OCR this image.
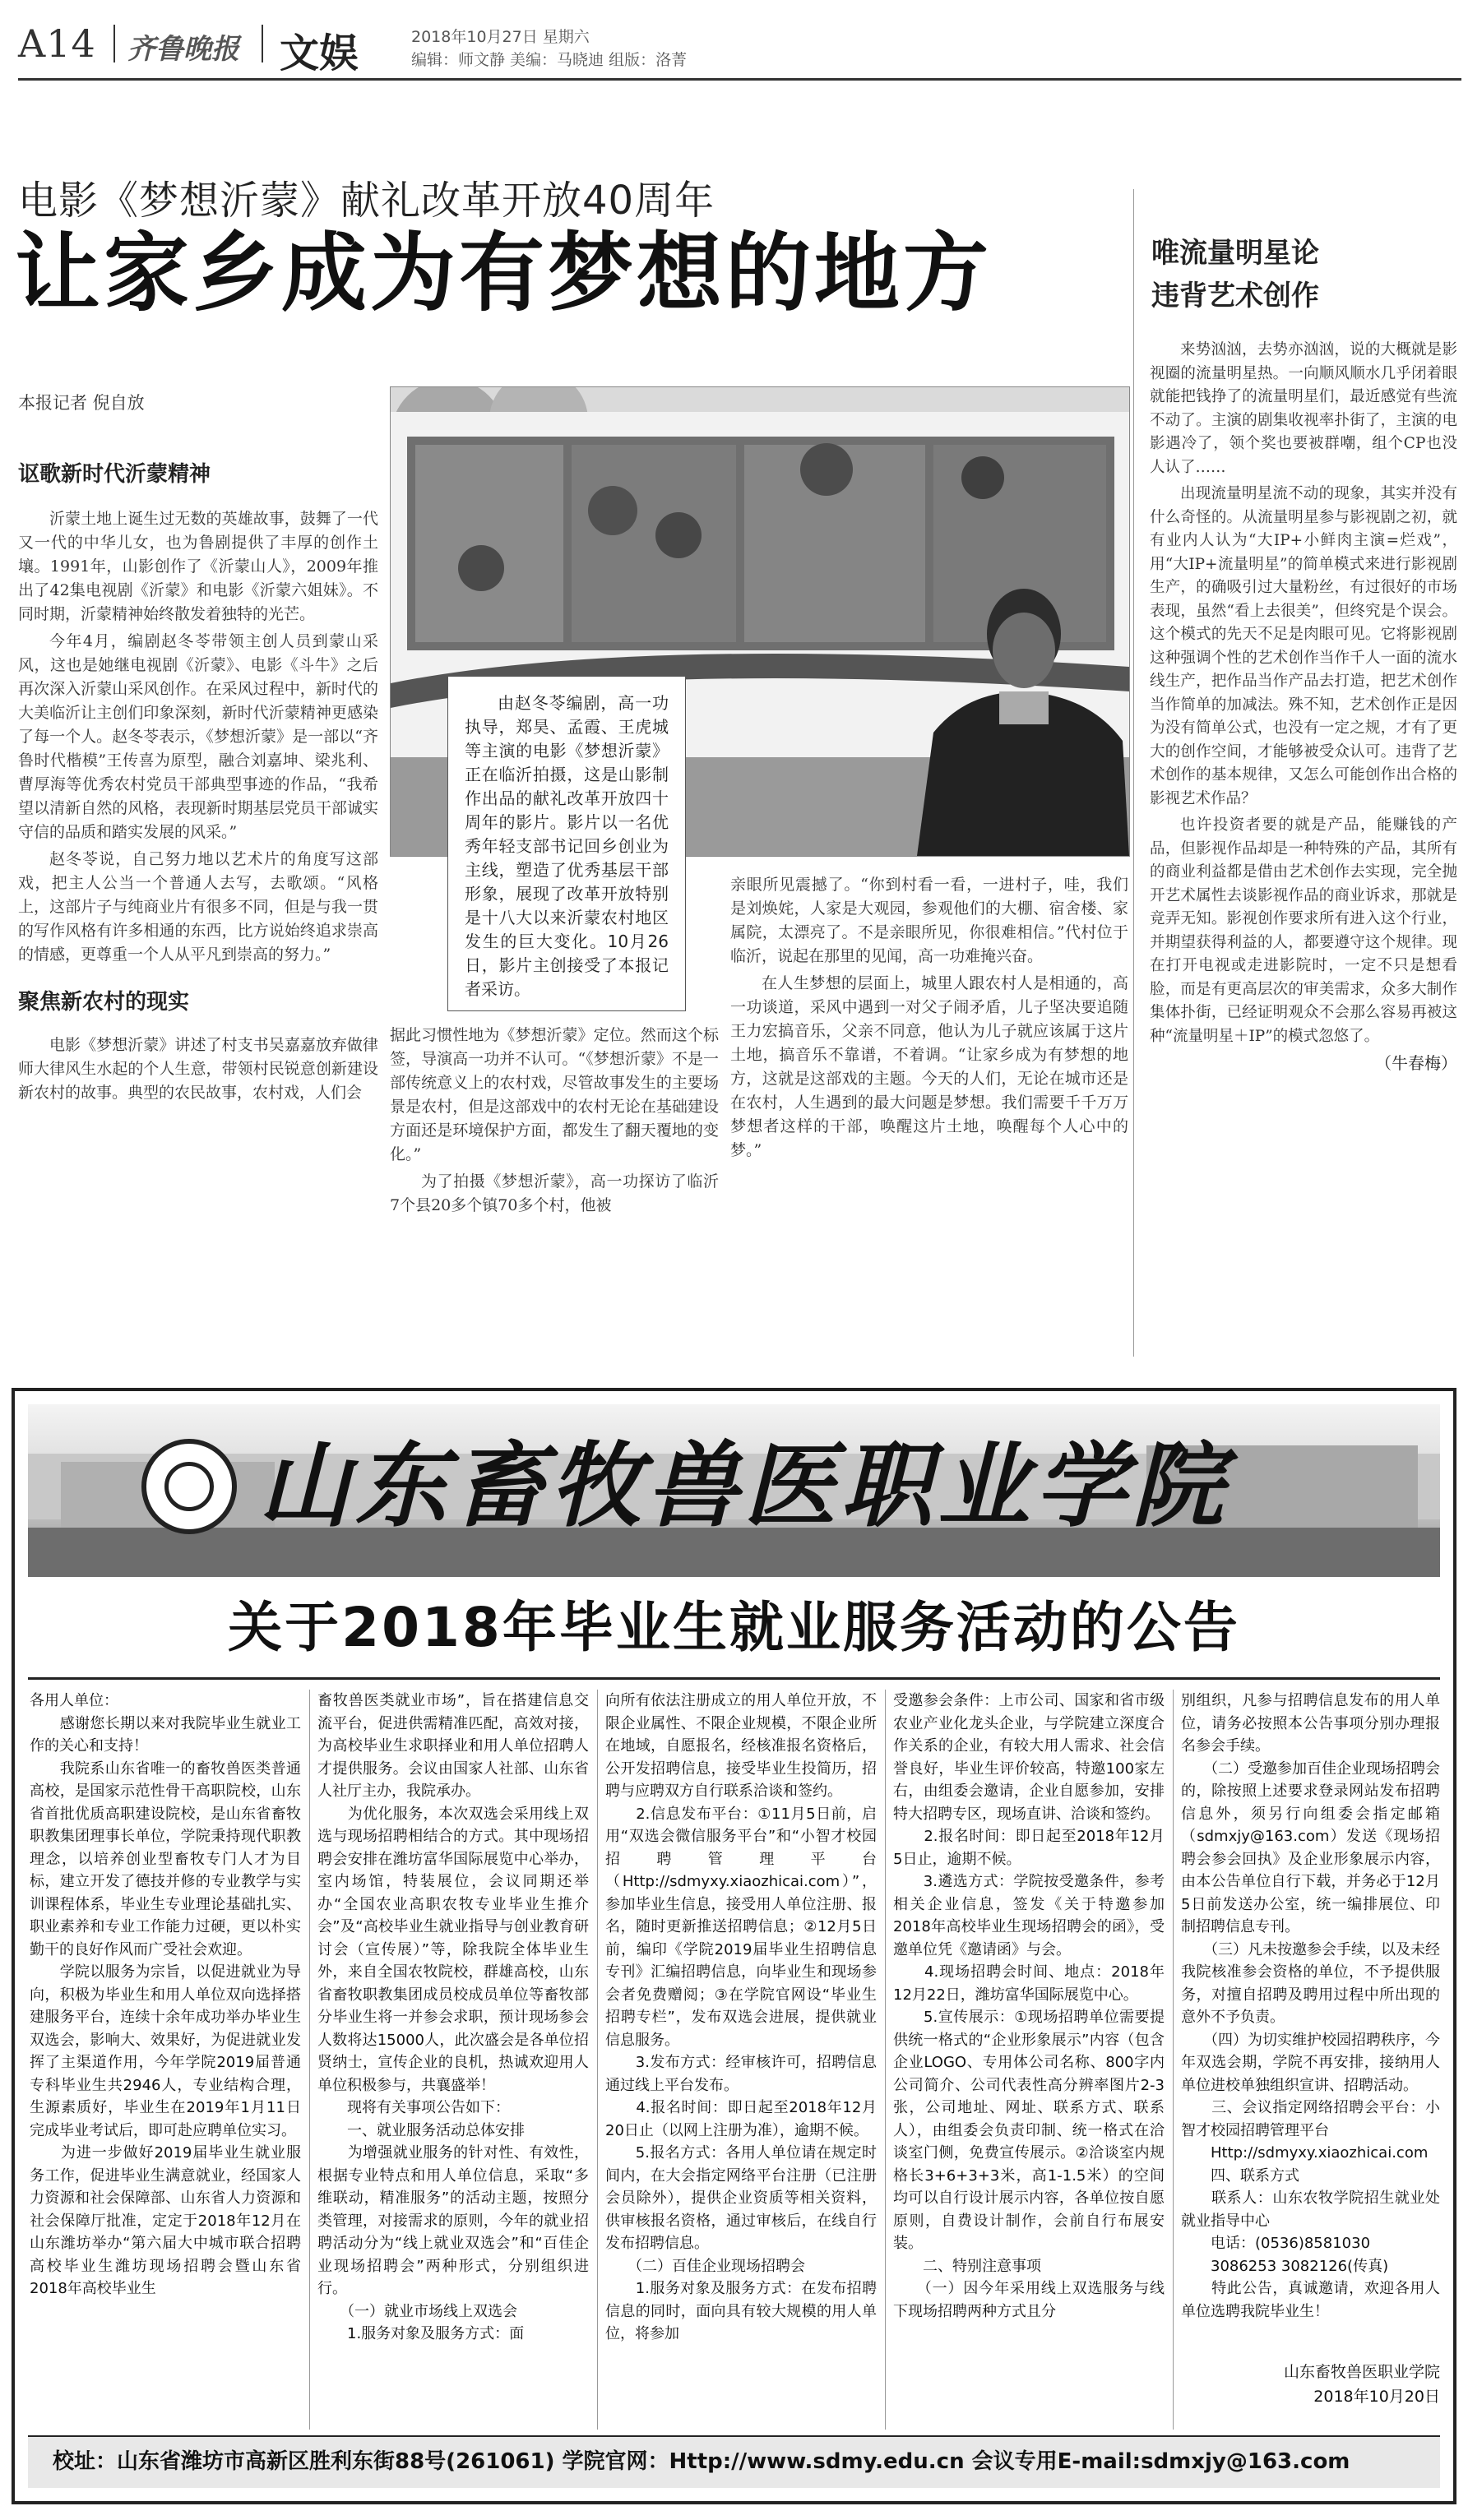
A14 齐鲁晚报 文娱	2018年10月27日 星期六
编辑：师文静 美编：马晓迪 组版：洛菁
电影《梦想沂蒙》献礼改革开放40周年
让家乡成为有梦想的地方	唯流量明星论
违背艺术创作
本报记者 倪自放

由赵冬苓编剧，高一功执导，郑昊、孟霞、王虎城等主演的电影《梦想沂蒙》正在临沂拍摄，这是山影制作出品的献礼改革开放四十周年的影片。影片以一名优秀年轻支部书记回乡创业为主线，塑造了优秀基层干部形象，展现了改革开放特别是十八大以来沂蒙农村地区发生的巨大变化。10月26日，影片主创接受了本报记者采访。

讴歌新时代沂蒙精神

沂蒙土地上诞生过无数的英雄故事，鼓舞了一代又一代的中华儿女，也为鲁剧提供了丰厚的创作土壤。1991年，山影创作了《沂蒙山人》，2009年推出了42集电视剧《沂蒙》和电影《沂蒙六姐妹》。不同时期，沂蒙精神始终散发着独特的光芒。

今年4月，编剧赵冬苓带领主创人员到蒙山采风，这也是她继电视剧《沂蒙》、电影《斗牛》之后再次深入沂蒙山采风创作。在采风过程中，新时代的大美临沂让主创们印象深刻，新时代沂蒙精神更感染了每一个人。赵冬苓表示，《梦想沂蒙》是一部以“齐鲁时代楷模”王传喜为原型，融合刘嘉坤、梁兆利、曹厚海等优秀农村党员干部典型事迹的作品，“我希望以清新自然的风格，表现新时期基层党员干部诚实守信的品质和踏实发展的风采。”

赵冬苓说，自己努力地以艺术片的角度写这部戏，把主人公当一个普通人去写，去歌颂。“风格上，这部片子与纯商业片有很多不同，但是与我一贯的写作风格有许多相通的东西，比方说始终追求崇高的情感，更尊重一个人从平凡到崇高的努力。”

聚焦新农村的现实

电影《梦想沂蒙》讲述了村支书吴嘉嘉放弃做律师大律风生水起的个人生意，带领村民锐意创新建设新农村的故事。典型的农民故事，农村戏，人们会

据此习惯性地为《梦想沂蒙》定位。然而这个标签，导演高一功并不认可。“《梦想沂蒙》不是一部传统意义上的农村戏，尽管故事发生的主要场景是农村，但是这部戏中的农村无论在基础建设方面还是环境保护方面，都发生了翻天覆地的变化。”

为了拍摄《梦想沂蒙》，高一功探访了临沂7个县20多个镇70多个村，他被

亲眼所见震撼了。“你到村看一看，一进村子，哇，我们是刘焕姹，人家是大观园，参观他们的大棚、宿舍楼、家属院，太漂亮了。不是亲眼所见，你很难相信。”代村位于临沂，说起在那里的见闻，高一功难掩兴奋。

在人生梦想的层面上，城里人跟农村人是相通的，高一功谈道，采风中遇到一对父子闹矛盾，儿子坚决要追随王力宏搞音乐，父亲不同意，他认为儿子就应该属于这片土地，搞音乐不靠谱，不着调。“让家乡成为有梦想的地方，这就是这部戏的主题。今天的人们，无论在城市还是在农村，人生遇到的最大问题是梦想。我们需要千千万万梦想者这样的干部，唤醒这片土地，唤醒每个人心中的梦。”

来势汹汹，去势亦汹汹，说的大概就是影视圈的流量明星热。一向顺风顺水几乎闭着眼就能把钱挣了的流量明星们，最近感觉有些流不动了。主演的剧集收视率扑街了，主演的电影遇冷了，领个奖也要被群嘲，组个CP也没人认了……

出现流量明星流不动的现象，其实并没有什么奇怪的。从流量明星参与影视剧之初，就有业内人认为“大IP+小鲜肉主演=烂戏”，用“大IP+流量明星”的简单模式来进行影视剧生产，的确吸引过大量粉丝，有过很好的市场表现，虽然“看上去很美”，但终究是个误会。这个模式的先天不足是肉眼可见。它将影视剧这种强调个性的艺术创作当作千人一面的流水线生产，把作品当作产品去打造，把艺术创作当作简单的加减法。殊不知，艺术创作正是因为没有简单公式，也没有一定之规，才有了更大的创作空间，才能够被受众认可。违背了艺术创作的基本规律，又怎么可能创作出合格的影视艺术作品？

也许投资者要的就是产品，能赚钱的产品，但影视作品却是一种特殊的产品，其所有的商业利益都是借由艺术创作去实现，完全抛开艺术属性去谈影视作品的商业诉求，那就是竞弄无知。影视创作要求所有进入这个行业，并期望获得利益的人，都要遵守这个规律。现在打开电视或走进影院时，一定不只是想看脸，而是有更高层次的审美需求，众多大制作集体扑街，已经证明观众不会那么容易再被这种“流量明星＋IP”的模式忽悠了。

（牛春梅）
山东畜牧兽医职业学院
关于2018年毕业生就业服务活动的公告

各用人单位：
　　感谢您长期以来对我院毕业生就业工作的关心和支持！
　　我院系山东省唯一的畜牧兽医类普通高校，是国家示范性骨干高职院校，山东省首批优质高职建设院校，是山东省畜牧职教集团理事长单位，学院秉持现代职教理念，以培养创业型畜牧专门人才为目标，建立开发了德技并修的专业教学与实训课程体系，毕业生专业理论基础扎实、职业素养和专业工作能力过硬，更以朴实勤干的良好作风而广受社会欢迎。
　　学院以服务为宗旨，以促进就业为导向，积极为毕业生和用人单位双向选择搭建服务平台，连续十余年成功举办毕业生双选会，影响大、效果好，为促进就业发挥了主渠道作用，今年学院2019届普通专科毕业生共2946人，专业结构合理，生源素质好，毕业生在2019年1月11日完成毕业考试后，即可赴应聘单位实习。
　　为进一步做好2019届毕业生就业服务工作，促进毕业生满意就业，经国家人力资源和社会保障部、山东省人力资源和社会保障厅批准，定定于2018年12月在山东潍坊举办“第六届大中城市联合招聘高校毕业生潍坊现场招聘会暨山东省2018年高校毕业生

畜牧兽医类就业市场”，旨在搭建信息交流平台，促进供需精准匹配，高效对接，为高校毕业生求职择业和用人单位招聘人才提供服务。会议由国家人社部、山东省人社厅主办，我院承办。
　　为优化服务，本次双选会采用线上双选与现场招聘相结合的方式。其中现场招聘会安排在潍坊富华国际展览中心举办，室内场馆，特装展位，会议同期还举办“全国农业高职农牧专业毕业生推介会”及“高校毕业生就业指导与创业教育研讨会（宣传展）”等，除我院全体毕业生外，来自全国农牧院校，群雄高校，山东省畜牧职教集团成员校成员单位等畜牧部分毕业生将一并参会求职，预计现场参会人数将达15000人，此次盛会是各单位招贤纳士，宣传企业的良机，热诚欢迎用人单位积极参与，共襄盛举！
　　现将有关事项公告如下：
　　一、就业服务活动总体安排
　　为增强就业服务的针对性、有效性，根据专业特点和用人单位信息，采取“多维联动，精准服务”的活动主题，按照分类管理，对接需求的原则，今年的就业招聘活动分为“线上就业双选会”和“百佳企业现场招聘会”两种形式，分别组织进行。
　　（一）就业市场线上双选会
　　1.服务对象及服务方式：面

向所有依法注册成立的用人单位开放，不限企业属性、不限企业规模，不限企业所在地域，自愿报名，经核准报名资格后，公开发招聘信息，接受毕业生投简历，招聘与应聘双方自行联系洽谈和签约。
　　2.信息发布平台：①11月5日前，启用“双选会微信服务平台”和“小智才校园招聘管理平台（Http://sdmyxy.xiaozhicai.com）”，参加毕业生信息，接受用人单位注册、报名，随时更新推送招聘信息；②12月5日前，编印《学院2019届毕业生招聘信息专刊》汇编招聘信息，向毕业生和现场参会者免费赠阅；③在学院官网设“毕业生招聘专栏”，发布双选会进展，提供就业信息服务。
　　3.发布方式：经审核许可，招聘信息通过线上平台发布。
　　4.报名时间：即日起至2018年12月20日止（以网上注册为准），逾期不候。
　　5.报名方式：各用人单位请在规定时间内，在大会指定网络平台注册（已注册会员除外），提供企业资质等相关资料，供审核报名资格，通过审核后，在线自行发布招聘信息。
　　（二）百佳企业现场招聘会
　　1.服务对象及服务方式：在发布招聘信息的同时，面向具有较大规模的用人单位，将参加

受邀参会条件：上市公司、国家和省市级农业产业化龙头企业，与学院建立深度合作关系的企业，有较大用人需求、社会信誉良好，毕业生评价较高，特邀100家左右，由组委会邀请，企业自愿参加，安排特大招聘专区，现场直讲、洽谈和签约。
　　2.报名时间：即日起至2018年12月5日止，逾期不候。
　　3.遴选方式：学院按受邀条件，参考相关企业信息，签发《关于特邀参加2018年高校毕业生现场招聘会的函》，受邀单位凭《邀请函》与会。
　　4.现场招聘会时间、地点：2018年12月22日，潍坊富华国际展览中心。
　　5.宣传展示：①现场招聘单位需要提供统一格式的“企业形象展示”内容（包含企业LOGO、专用体公司名称、800字内公司简介、公司代表性高分辨率图片2-3张，公司地址、网址、联系方式、联系人），由组委会负责印制、统一格式在洽谈室门侧，免费宣传展示。②洽谈室内规格长3+6+3+3米，高1-1.5米）的空间均可以自行设计展示内容，各单位按自愿原则，自费设计制作，会前自行布展安装。
　　二、特别注意事项
　　（一）因今年采用线上双选服务与线下现场招聘两种方式且分

别组织，凡参与招聘信息发布的用人单位，请务必按照本公告事项分别办理报名参会手续。
　　（二）受邀参加百佳企业现场招聘会的，除按照上述要求登录网站发布招聘信息外，须另行向组委会指定邮箱（sdmxjy@163.com）发送《现场招聘会参会回执》及企业形象展示内容，由本公告单位自行下载，并务必于12月5日前发送办公室，统一编排展位、印制招聘信息专刊。
　　（三）凡未按邀参会手续，以及未经我院核准参会资格的单位，不予提供服务，对擅自招聘及聘用过程中所出现的意外不予负责。
　　（四）为切实维护校园招聘秩序，今年双选会期，学院不再安排，接纳用人单位进校单独组织宣讲、招聘活动。
　　三、会议指定网络招聘会平台：小智才校园招聘管理平台
　　Http://sdmyxy.xiaozhicai.com
　　四、联系方式
　　联系人：山东农牧学院招生就业处就业指导中心
　　电话：(0536)8581030
　　3086253 3082126(传真)
　　特此公告，真诚邀请，欢迎各用人单位选聘我院毕业生！

山东畜牧兽医职业学院
2018年10月20日
校址：山东省潍坊市高新区胜利东街88号(261061) 学院官网：Http://www.sdmy.edu.cn 会议专用E-mail:sdmxjy@163.com
